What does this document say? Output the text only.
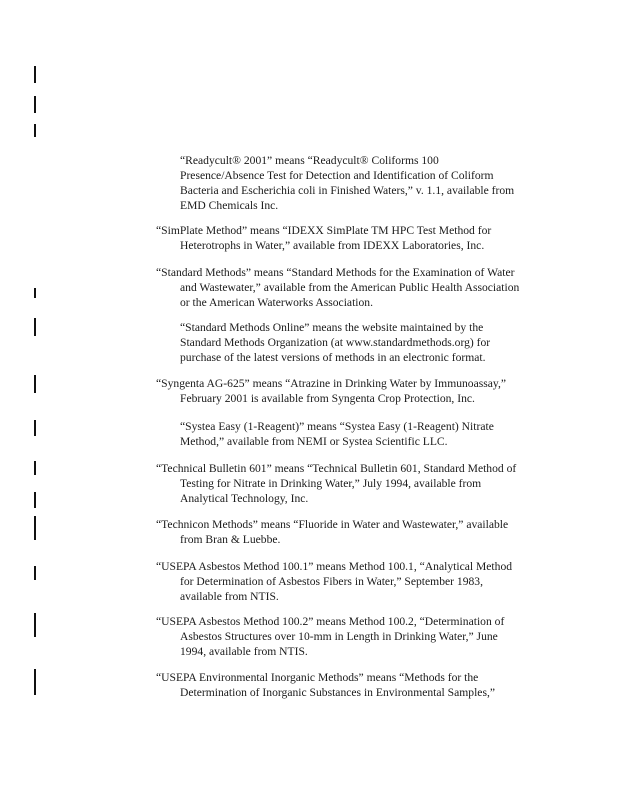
“Readycult® 2001” means “Readycult® Coliforms 100
Presence/Absence Test for Detection and Identification of Coliform
Bacteria and Escherichia coli in Finished Waters,” v. 1.1, available from
EMD Chemicals Inc.

“SimPlate Method” means “IDEXX SimPlate TM HPC Test Method for
Heterotrophs in Water,” available from IDEXX Laboratories, Inc.

“Standard Methods” means “Standard Methods for the Examination of Water
and Wastewater,” available from the American Public Health Association
or the American Waterworks Association.

“Standard Methods Online” means the website maintained by the
Standard Methods Organization (at www.standardmethods.org) for
purchase of the latest versions of methods in an electronic format.

“Syngenta AG-625” means “Atrazine in Drinking Water by Immunoassay,”
February 2001 is available from Syngenta Crop Protection, Inc.

“Systea Easy (1-Reagent)” means “Systea Easy (1-Reagent) Nitrate
Method,” available from NEMI or Systea Scientific LLC.

“Technical Bulletin 601” means “Technical Bulletin 601, Standard Method of
Testing for Nitrate in Drinking Water,” July 1994, available from
Analytical Technology, Inc.

“Technicon Methods” means “Fluoride in Water and Wastewater,” available
from Bran & Luebbe.

“USEPA Asbestos Method 100.1” means Method 100.1, “Analytical Method
for Determination of Asbestos Fibers in Water,” September 1983,
available from NTIS.

“USEPA Asbestos Method 100.2” means Method 100.2, “Determination of
Asbestos Structures over 10-mm in Length in Drinking Water,” June
1994, available from NTIS.

“USEPA Environmental Inorganic Methods” means “Methods for the
Determination of Inorganic Substances in Environmental Samples,”
